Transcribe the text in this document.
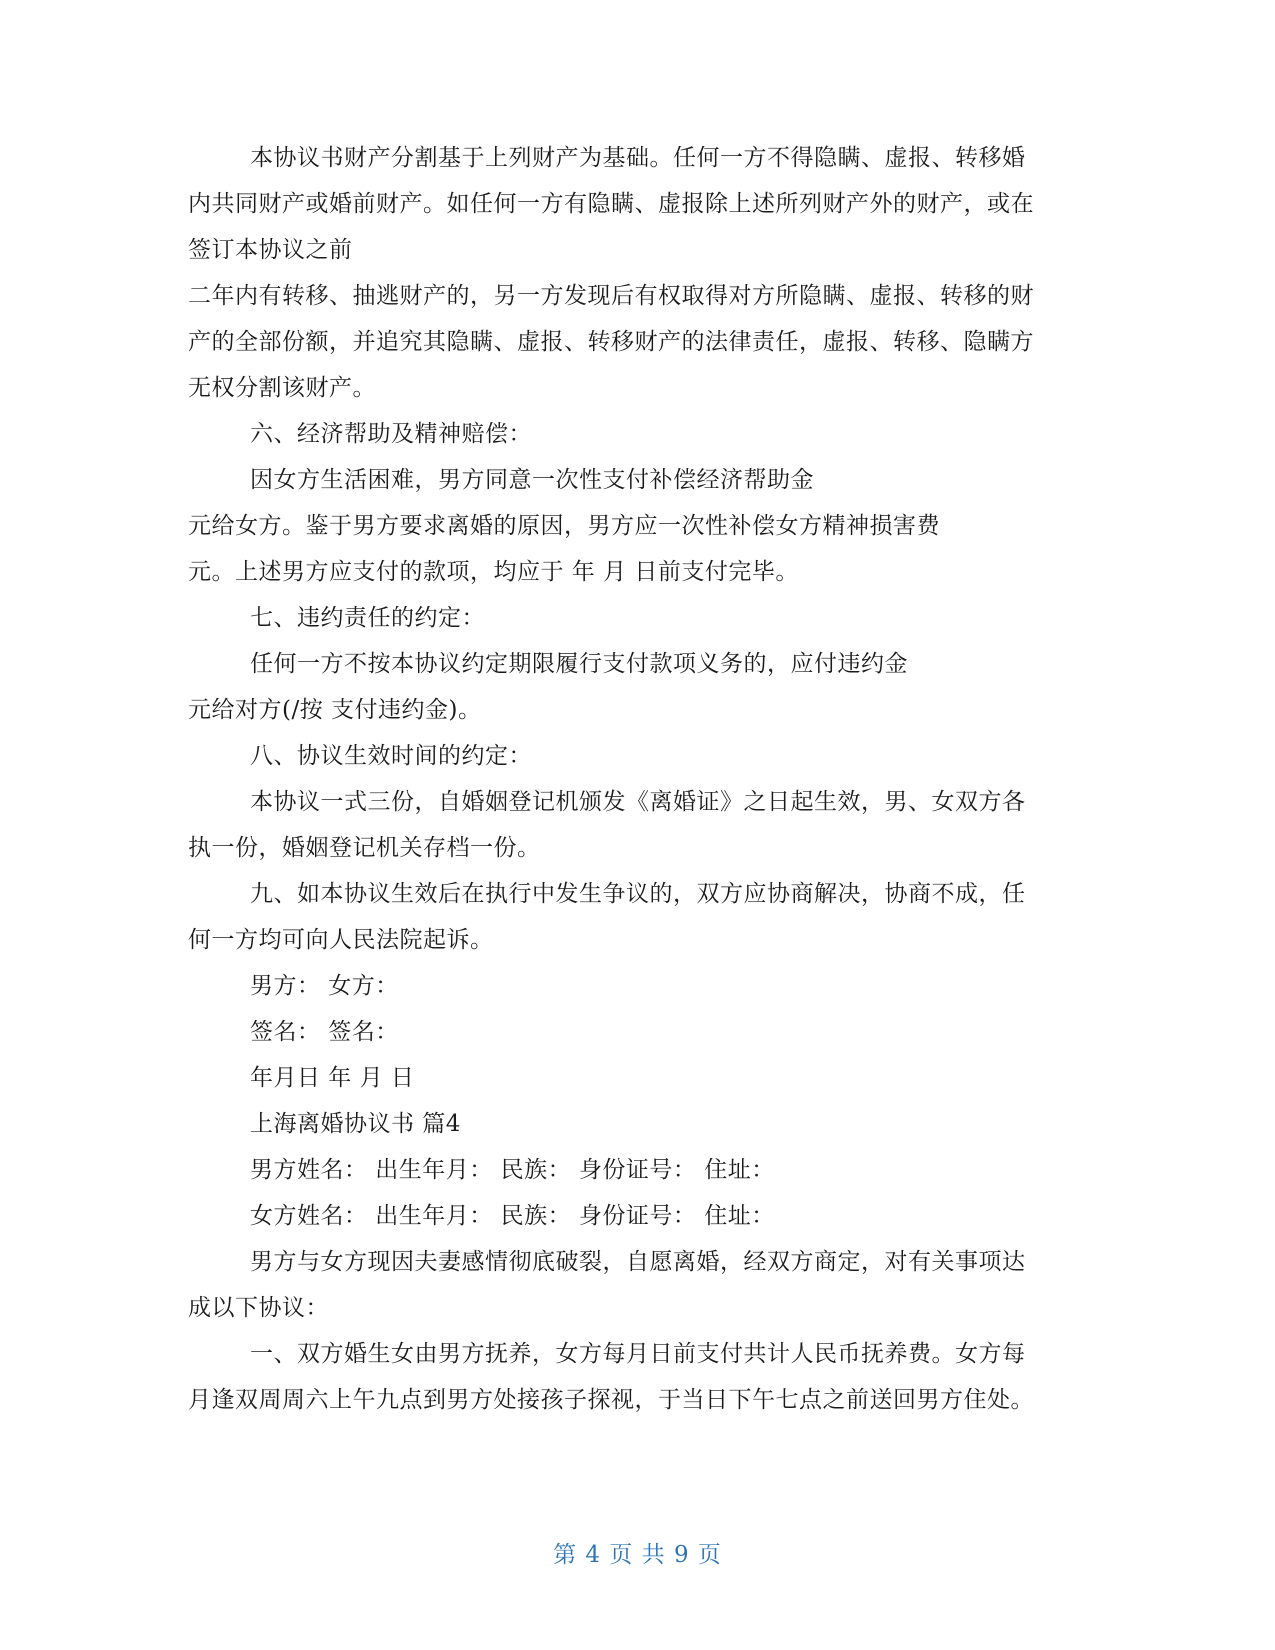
本协议书财产分割基于上列财产为基础。任何一方不得隐瞒、虚报、转移婚
内共同财产或婚前财产。如任何一方有隐瞒、虚报除上述所列财产外的财产，或在
签订本协议之前
二年内有转移、抽逃财产的，另一方发现后有权取得对方所隐瞒、虚报、转移的财
产的全部份额，并追究其隐瞒、虚报、转移财产的法律责任，虚报、转移、隐瞒方
无权分割该财产。
六、经济帮助及精神赔偿：
因女方生活困难，男方同意一次性支付补偿经济帮助金
元给女方。鉴于男方要求离婚的原因，男方应一次性补偿女方精神损害费
元。上述男方应支付的款项，均应于 年 月 日前支付完毕。
七、违约责任的约定：
任何一方不按本协议约定期限履行支付款项义务的，应付违约金
元给对方(/按 支付违约金)。
八、协议生效时间的约定：
本协议一式三份，自婚姻登记机颁发《离婚证》之日起生效，男、女双方各
执一份，婚姻登记机关存档一份。
九、如本协议生效后在执行中发生争议的，双方应协商解决，协商不成，任
何一方均可向人民法院起诉。
男方： 女方：
签名： 签名：
年月日 年 月 日
上海离婚协议书 篇4
男方姓名： 出生年月： 民族： 身份证号： 住址：
女方姓名： 出生年月： 民族： 身份证号： 住址：
男方与女方现因夫妻感情彻底破裂，自愿离婚，经双方商定，对有关事项达
成以下协议：
一、双方婚生女由男方抚养，女方每月日前支付共计人民币抚养费。女方每
月逢双周周六上午九点到男方处接孩子探视，于当日下午七点之前送回男方住处。
第 4 页 共 9 页
